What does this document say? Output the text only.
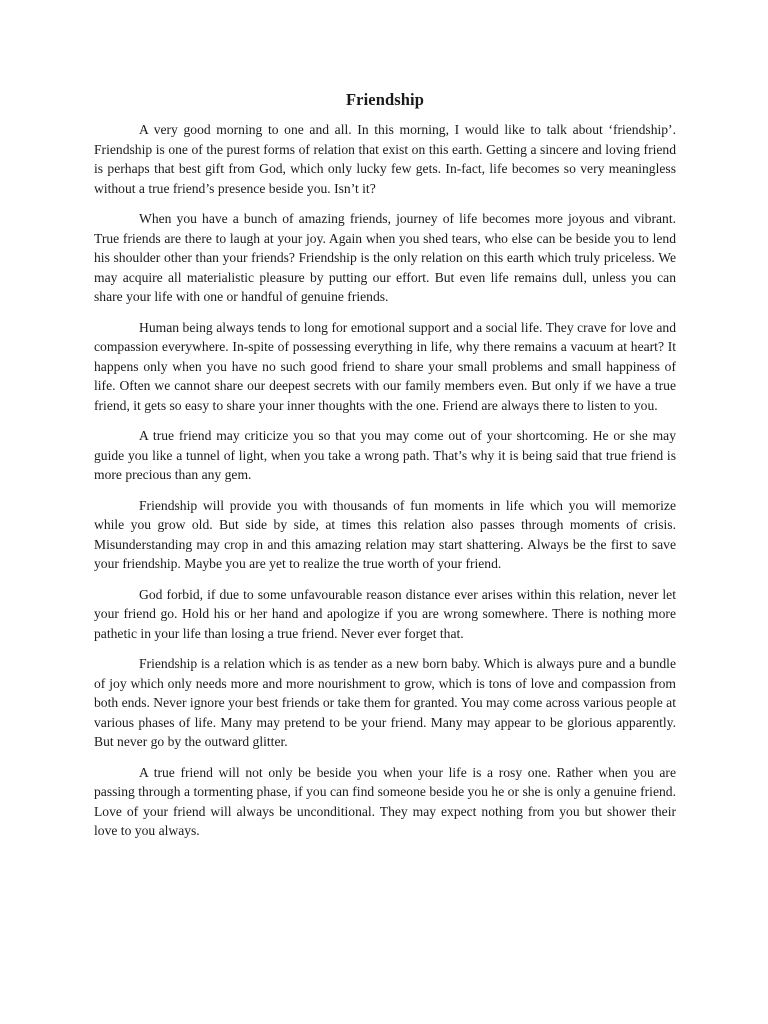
Friendship

A very good morning to one and all. In this morning, I would like to talk about ‘friendship’. Friendship is one of the purest forms of relation that exist on this earth. Getting a sincere and loving friend is perhaps that best gift from God, which only lucky few gets. In-fact, life becomes so very meaningless without a true friend’s presence beside you. Isn’t it?

When you have a bunch of amazing friends, journey of life becomes more joyous and vibrant. True friends are there to laugh at your joy. Again when you shed tears, who else can be beside you to lend his shoulder other than your friends? Friendship is the only relation on this earth which truly priceless. We may acquire all materialistic pleasure by putting our effort. But even life remains dull, unless you can share your life with one or handful of genuine friends.

Human being always tends to long for emotional support and a social life. They crave for love and compassion everywhere. In-spite of possessing everything in life, why there remains a vacuum at heart? It happens only when you have no such good friend to share your small problems and small happiness of life. Often we cannot share our deepest secrets with our family members even. But only if we have a true friend, it gets so easy to share your inner thoughts with the one. Friend are always there to listen to you.

A true friend may criticize you so that you may come out of your shortcoming. He or she may guide you like a tunnel of light, when you take a wrong path. That’s why it is being said that true friend is more precious than any gem.

Friendship will provide you with thousands of fun moments in life which you will memorize while you grow old. But side by side, at times this relation also passes through moments of crisis. Misunderstanding may crop in and this amazing relation may start shattering. Always be the first to save your friendship. Maybe you are yet to realize the true worth of your friend.

God forbid, if due to some unfavourable reason distance ever arises within this relation, never let your friend go. Hold his or her hand and apologize if you are wrong somewhere. There is nothing more pathetic in your life than losing a true friend. Never ever forget that.

Friendship is a relation which is as tender as a new born baby. Which is always pure and a bundle of joy which only needs more and more nourishment to grow, which is tons of love and compassion from both ends. Never ignore your best friends or take them for granted. You may come across various people at various phases of life. Many may pretend to be your friend. Many may appear to be glorious apparently. But never go by the outward glitter.

A true friend will not only be beside you when your life is a rosy one. Rather when you are passing through a tormenting phase, if you can find someone beside you he or she is only a genuine friend. Love of your friend will always be unconditional. They may expect nothing from you but shower their love to you always.
